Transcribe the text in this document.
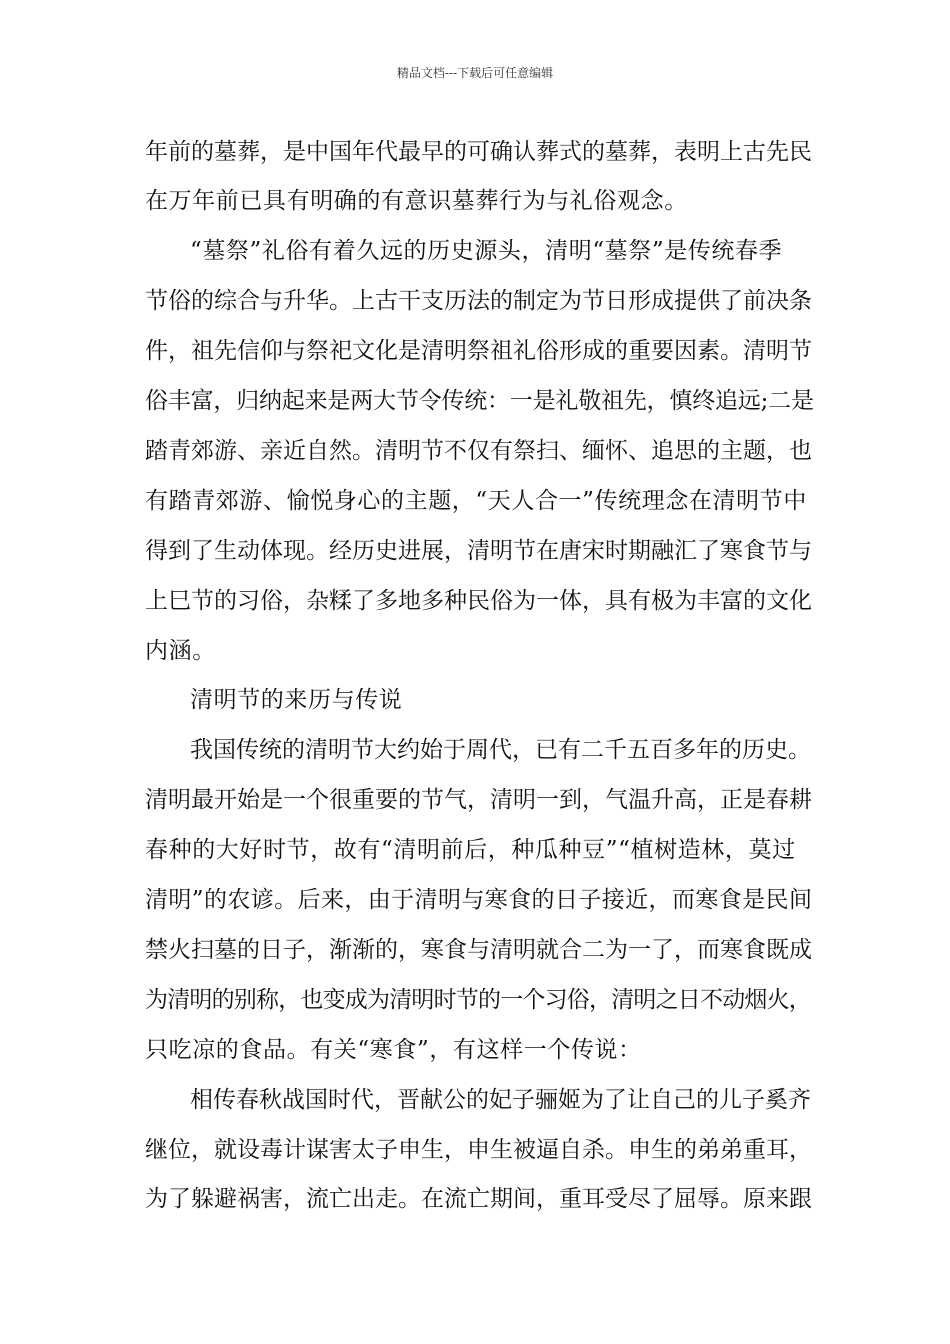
精品文档---下载后可任意编辑
年前的墓葬，是中国年代最早的可确认葬式的墓葬，表明上古先民
在万年前已具有明确的有意识墓葬行为与礼俗观念。
“墓祭”礼俗有着久远的历史源头，清明“墓祭”是传统春季
节俗的综合与升华。上古干支历法的制定为节日形成提供了前决条
件，祖先信仰与祭祀文化是清明祭祖礼俗形成的重要因素。清明节
俗丰富，归纳起来是两大节令传统：一是礼敬祖先，慎终追远;二是
踏青郊游、亲近自然。清明节不仅有祭扫、缅怀、追思的主题，也
有踏青郊游、愉悦身心的主题，“天人合一”传统理念在清明节中
得到了生动体现。经历史进展，清明节在唐宋时期融汇了寒食节与
上巳节的习俗，杂糅了多地多种民俗为一体，具有极为丰富的文化
内涵。
清明节的来历与传说
我国传统的清明节大约始于周代，已有二千五百多年的历史。
清明最开始是一个很重要的节气，清明一到，气温升高，正是春耕
春种的大好时节，故有“清明前后，种瓜种豆”“植树造林，莫过
清明”的农谚。后来，由于清明与寒食的日子接近，而寒食是民间
禁火扫墓的日子，渐渐的，寒食与清明就合二为一了，而寒食既成
为清明的别称，也变成为清明时节的一个习俗，清明之日不动烟火，
只吃凉的食品。有关“寒食”，有这样一个传说：
相传春秋战国时代，晋献公的妃子骊姬为了让自己的儿子奚齐
继位，就设毒计谋害太子申生，申生被逼自杀。申生的弟弟重耳，
为了躲避祸害，流亡出走。在流亡期间，重耳受尽了屈辱。原来跟
